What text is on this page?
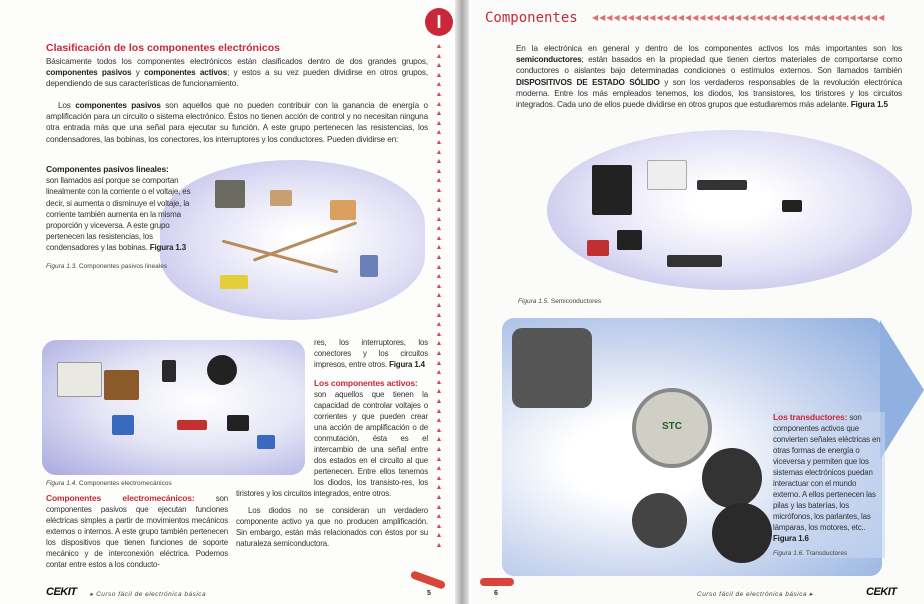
Clasificación de los componentes electrónicos
Básicamente todos los componentes electrónicos están clasificados dentro de dos grandes grupos, componentes pasivos y componentes activos; y estos a su vez pueden dividirse en otros grupos, dependiendo de sus características de funcionamiento.
Los componentes pasivos son aquellos que no pueden contribuir con la ganancia de energía o amplificación para un circuito o sistema electrónico. Éstos no tienen acción de control y no necesitan ninguna otra entrada más que una señal para ejecutar su función. A este grupo pertenecen las resistencias, los condensadores, las bobinas, los conectores, los interruptores y los conductores. Pueden dividirse en:
Componentes pasivos lineales:
son llamados así porque se comportan linealmente con la corriente o el voltaje, es decir, si aumenta o disminuye el voltaje, la corriente también aumenta en la misma proporción y viceversa. A este grupo pertenecen las resistencias, los condensadores y las bobinas. Figura 1.3
Figura 1.3. Componentes pasivos lineales
Figura 1.4. Componentes electromecánicos
res, los interruptores, los conectores y los circuitos impresos, entre otros. Figura 1.4
Los componentes activos:
son aquellos que tienen la capacidad de controlar voltajes o corrientes y que pueden crear una acción de amplificación o de conmutación, ésta es el intercambio de una señal entre dos estados en el circuito al que pertenecen. Entre ellos tenemos los diodos, los transisto-res, los tiristores y los circuitos integrados, entre otros.
Los diodos no se consideran un verdadero componente activo ya que no producen amplificación. Sin embargo, están más relacionados con éstos por su naturaleza semiconductora.
Componentes electromecánicos:	son componentes pasivos que ejecutan funciones eléctricas simples a partir de movimientos mecánicos externos o internos. A este grupo también pertenecen los dispositivos que tienen funciones de soporte mecánico y de interconexión eléctrica. Podemos contar entre estos a los conducto-
I
▲
▲
▲
▲
▲
▲
▲
▲
▲
▲
▲
▲
▲
▲
▲
▲
▲
▲
▲
▲
▲
▲
▲
▲
▲
▲
▲
▲
▲
▲
▲
▲
▲
▲
▲
▲
▲
▲
▲
▲
▲
▲
▲
▲
▲
▲
▲
▲
▲
▲
▲
▲
▲
CEKIT ▸ Curso fácil de electrónica básica	5
Componentes ◀◀◀◀◀◀◀◀◀◀◀◀◀◀◀◀◀◀◀◀◀◀◀◀◀◀◀◀◀◀◀◀◀◀◀◀◀◀◀◀◀
En la electrónica en general y dentro de los componentes activos los más importantes son los semiconductores; están basados en la propiedad que tienen ciertos materiales de comportarse como conductores o aislantes bajo determinadas condiciones o estímulos externos. Son llamados también DISPOSITIVOS DE ESTADO SÓLIDO y son los verdaderos responsables de la revolución electrónica moderna. Entre los más empleados tenemos, los diodos, los transistores, los tiristores y los circuitos integrados. Cada uno de ellos puede dividirse en otros grupos que estudiaremos más adelante. Figura 1.5
Figura 1.5. Semiconductores
STC
Los transductores: son componentes activos que convierten señales eléctricas en otras formas de energía o viceversa y permiten que los sistemas electrónicos puedan interactuar con el mundo externo. A ellos pertenecen las pilas y las baterías, los micrófonos, los parlantes, las lámparas, los motores, etc.. Figura 1.6
Figura 1.6. Transductores
6	Curso fácil de electrónica básica ▸	CEKIT
